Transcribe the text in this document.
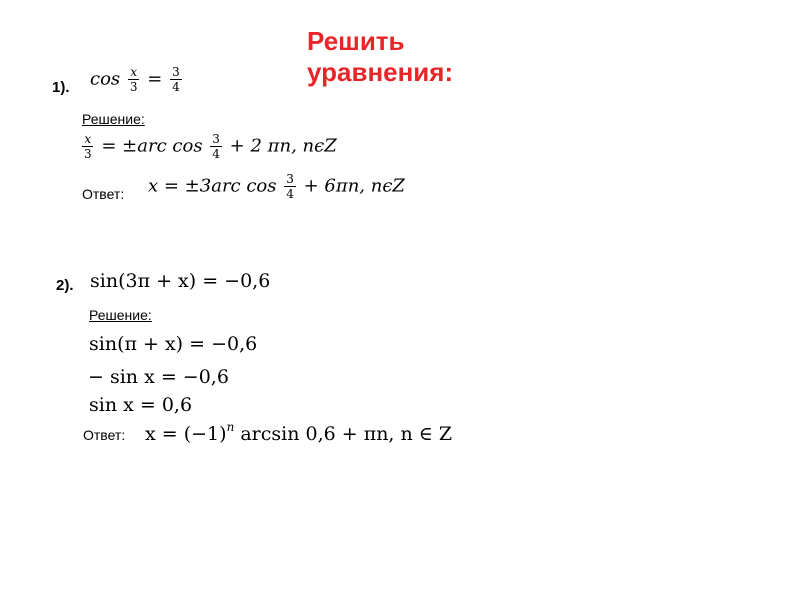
Решить уравнения:
1). $\cos \frac{x}{3} = \frac{3}{4}$
Решение:
$\frac{x}{3} = \pm arc$ $\cos \frac{3}{4} + 2$ πn, nϵZ
Ответ: x = ±3arc $\cos \frac{3}{4} + 6\pi n$, nϵZ
2). sin(3π + x) = −0,6
Решение:
sin(π + x) = −0,6
− sin x = −0,6
sin x = 0,6
Ответ: $x = (-1)^n$ arcsin 0,6 + πn, n ∈ Z
